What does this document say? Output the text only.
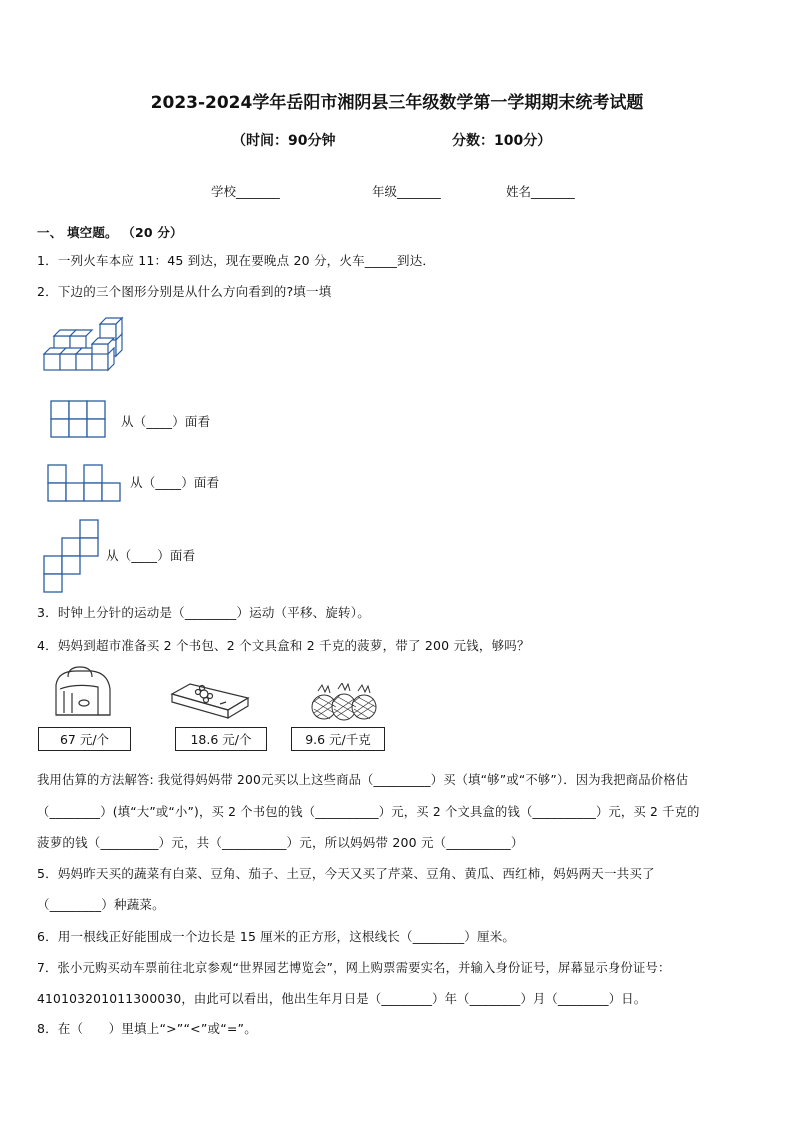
2023-2024学年岳阳市湘阴县三年级数学第一学期期末统考试题
（时间：90分钟	分数：100分）
学校_______	年级_______	姓名_______
一、 填空题。 （20 分）
1．一列火车本应 11：45 到达，现在要晚点 20 分，火车_____到达．
2．下边的三个图形分别是从什么方向看到的?填一填
从（____）面看
从（____）面看
从（____）面看
3．时钟上分针的运动是（________）运动（平移、旋转）。
4．妈妈到超市准备买 2 个书包、2 个文具盒和 2 千克的菠萝，带了 200 元钱，够吗？
67 元/个	18.6 元/个	9.6 元/千克
我用估算的方法解答: 我觉得妈妈带 200元买以上这些商品（_________）买（填“够”或“不够”）．因为我把商品价格估
（________）(填“大”或“小”)，买 2 个书包的钱（__________）元，买 2 个文具盒的钱（__________）元，买 2 千克的
菠萝的钱（_________）元，共（__________）元，所以妈妈带 200 元（__________）
5．妈妈昨天买的蔬菜有白菜、豆角、茄子、土豆，今天又买了芹菜、豆角、黄瓜、西红柿，妈妈两天一共买了
（________）种蔬菜。
6．用一根线正好能围成一个边长是 15 厘米的正方形，这根线长（________）厘米。
7．张小元购买动车票前往北京参观“世界园艺博览会”，网上购票需要实名，并输入身份证号，屏幕显示身份证号：
410103201011300030，由此可以看出，他出生年月日是（________）年（________）月（________）日。
8．在（　　）里填上“>”“<”或“=”。
